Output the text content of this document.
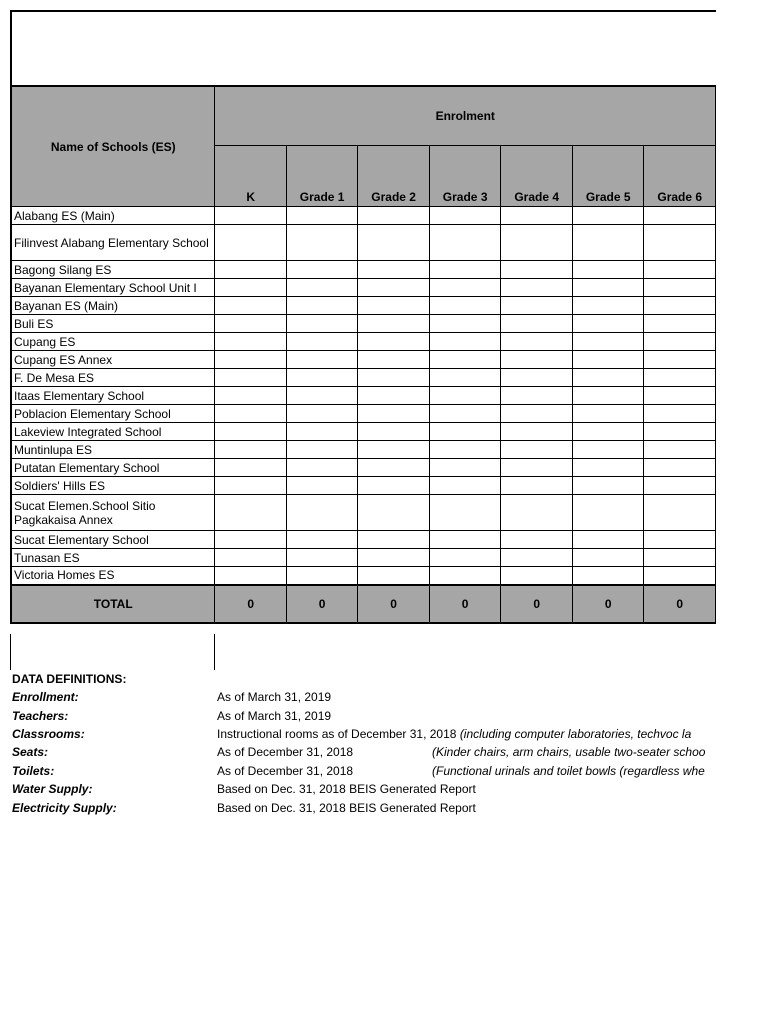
Name of Schools (ES)	Enrolment						
	K	Grade 1	Grade 2	Grade 3	Grade 4	Grade 5	Grade 6
Alabang ES (Main)							
Filinvest Alabang Elementary School							
Bagong Silang ES							
Bayanan Elementary School Unit I							
Bayanan ES (Main)							
Buli ES							
Cupang ES							
Cupang ES Annex							
F. De Mesa ES							
Itaas Elementary School							
Poblacion Elementary School							
Lakeview Integrated School							
Muntinlupa ES							
Putatan Elementary School							
Soldiers' Hills ES							
Sucat Elemen.School Sitio Pagkakaisa Annex							
Sucat Elementary School							
Tunasan ES							
Victoria Homes ES							
TOTAL	0	0	0	0	0	0	0
DATA DEFINITIONS:
Enrollment:	As of March 31, 2019
Teachers:	As of March 31, 2019
Classrooms:	Instructional rooms as of December 31, 2018 (including computer laboratories, techvoc la
Seats:	As of December 31, 2018	(Kinder chairs, arm chairs, usable two-seater schoo
Toilets:	As of December 31, 2018	(Functional urinals and toilet bowls (regardless whe
Water Supply:	Based on Dec. 31, 2018 BEIS Generated Report
Electricity Supply:	Based on Dec. 31, 2018 BEIS Generated Report
